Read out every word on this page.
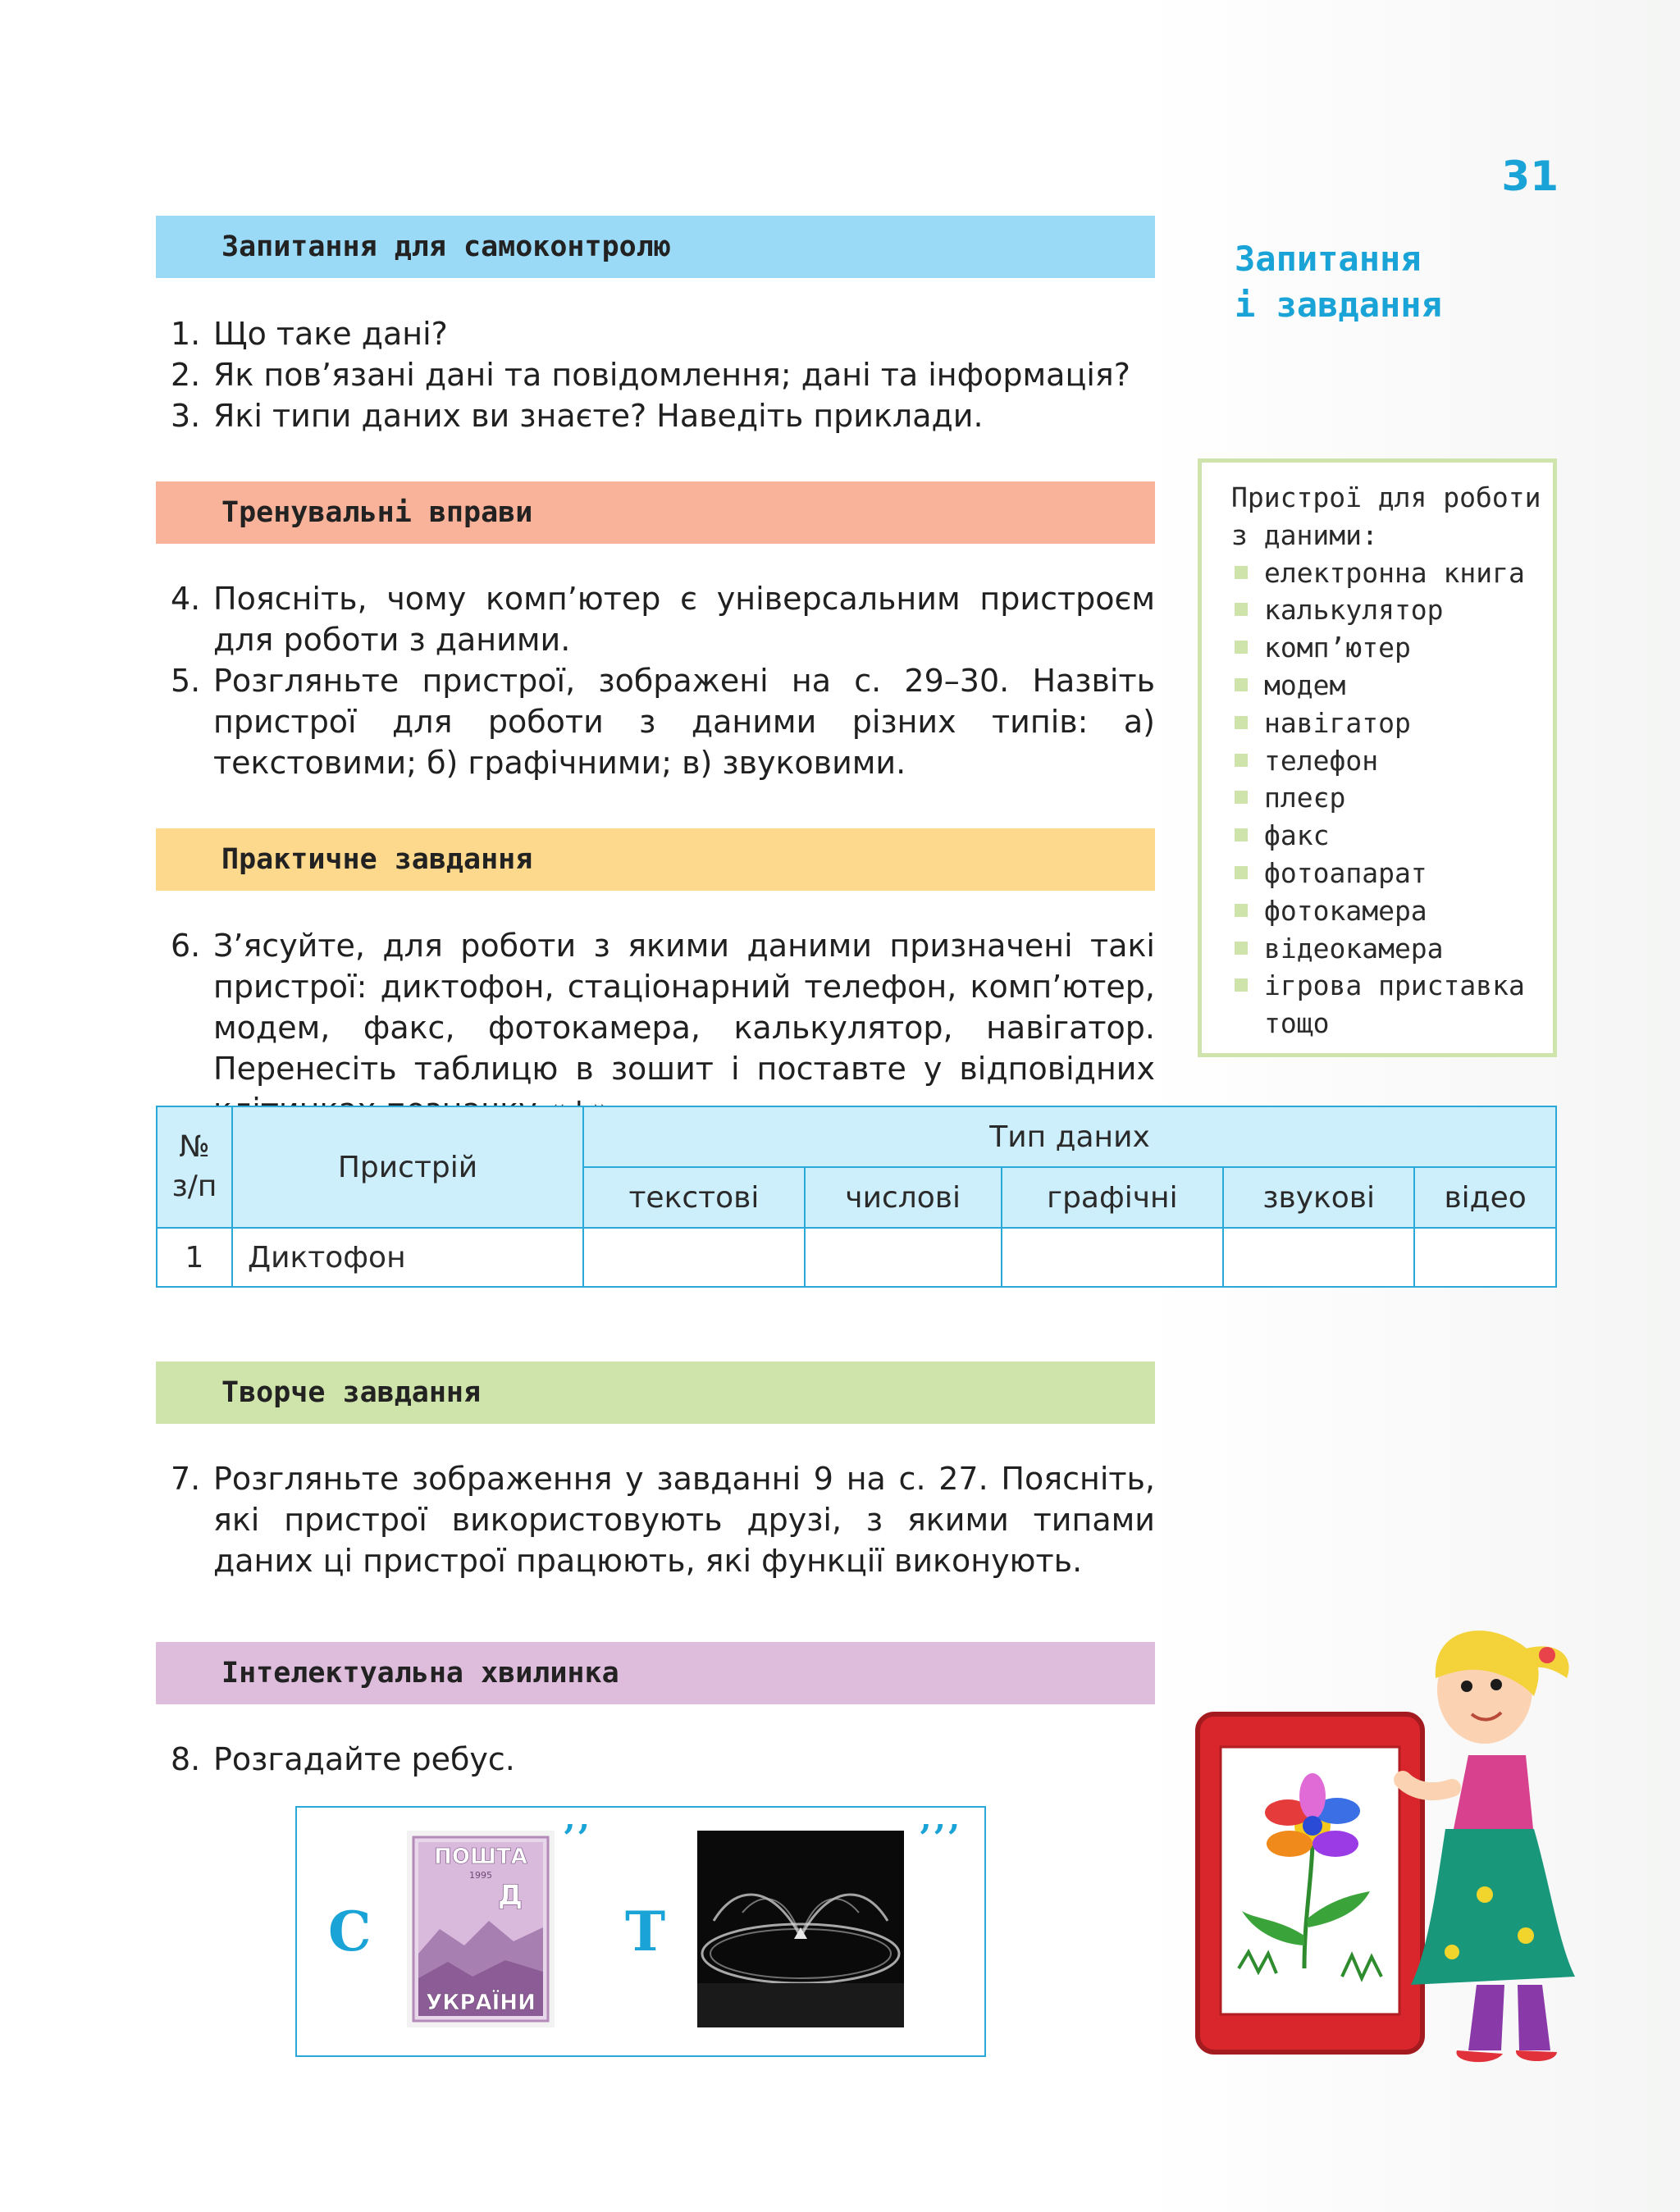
31
Запитання
і завдання
Запитання для самоконтролю
1. Що таке дані?
2. Як пов’язані дані та повідомлення; дані та інформація?
3. Які типи даних ви знаєте? Наведіть приклади.
Тренувальні вправи
4. Поясніть, чому комп’ютер є універсальним пристроєм для роботи з даними.
5. Розгляньте пристрої, зображені на с. 29–30. Назвіть пристрої для роботи з даними різних типів: а) текстовими; б) графічними; в) звуковими.
Практичне завдання
6. З’ясуйте, для роботи з якими даними призначені такі пристрої: диктофон, стаціонарний телефон, комп’ютер, модем, факс, фотокамера, калькулятор, навігатор. Перенесіть таблицю в зошит і поставте у відповідних
Пристрої для роботи
з даними:
електронна книга
калькулятор
комп’ютер
модем
навігатор
телефон
плеєр
факс
фотоапарат
фотокамера
відеокамера
ігрова приставка
тощо
№
з/п	Пристрій	Тип даних				
		текстові	числові	графічні	звукові	відео
1	Диктофон					
Творче завдання
7. Розгляньте зображення у завданні 9 на с. 27. Поясніть, які пристрої використовують друзі, з якими типами даних ці пристрої працюють, які функції виконують.
Інтелектуальна хвилинка
8. Розгадайте ребус.
С
ПОШТА
1995
Д
УКРАЇНИ
’’
Т
’’’
